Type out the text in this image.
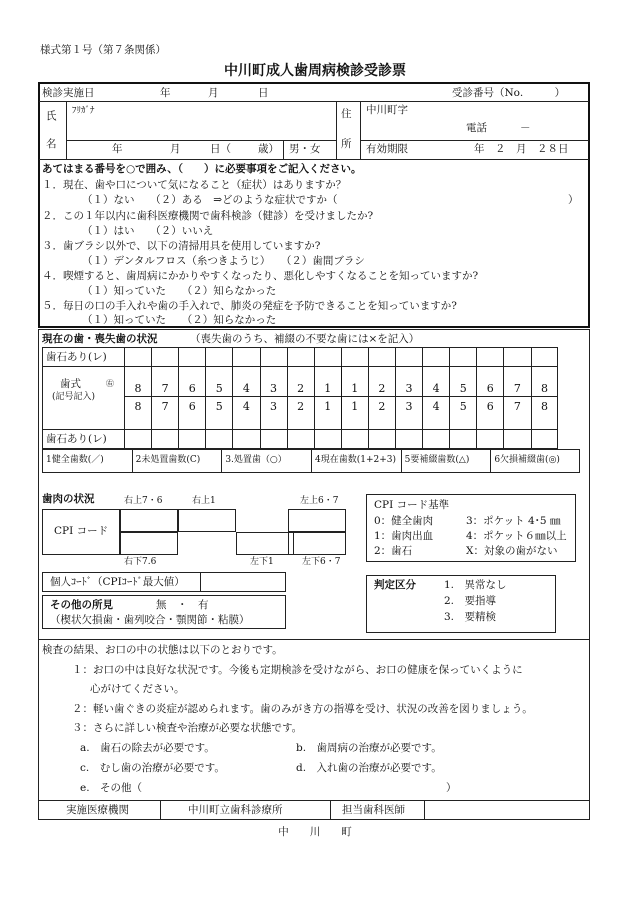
様式第１号（第７条関係）
中川町成人歯周病検診受診票
検診実施日	年	月	日	受診番号（No.　　　）
氏
名
ﾌﾘｶﾞﾅ
年	月	日（	歳） 男・女
住
所
中川町字
電話	－
有効期限	年　２　月　２８日
あてはまる番号を○で囲み、（　　）に必要事項をご記入ください。
１．現在、歯や口について気になること（症状）はありますか？
（１）ない　　（２）ある　⇒どのような症状ですか（	）
２．この１年以内に歯科医療機関で歯科検診（健診）を受けましたか?
（１）はい　　（２）いいえ
３．歯ブラシ以外で、以下の清掃用具を使用していますか?
（１）デンタルフロス（糸つきようじ）　　（２）歯間ブラシ
４．喫煙すると、歯周病にかかりやすくなったり、悪化しやすくなることを知っていますか?
（１）知っていた　　（２）知らなかった
５．毎日の口の手入れや歯の手入れで、肺炎の発症を予防できることを知っていますか?
（１）知っていた　　（２）知らなかった
現在の歯・喪失歯の状況	（喪失歯のうち、補綴の不要な歯には×を記入）
歯石あり(レ)
歯式	㊨
(記号記入)
歯石あり(レ)
8	7	6	5	4	3	2	1	1	2	3	4	5	6	7	8
8	7	6	5	4	3	2	1	1	2	3	4	5	6	7	8
1健全歯数(／)	2未処置歯数(C)	3.処置歯（○）	4現在歯数(1+2+3) 5要補綴歯数(△)	6欠損補綴歯(◎)
歯肉の状況	右上7・6	右上1	左上6・7
CPI コード
右下7.6	左下1	左下6・7
CPI コード基準
0：健全歯肉	3：ポケット 4･5 ㎜
1：歯肉出血	4：ポケット６㎜以上
2：歯石	X：対象の歯がない
個人ｺｰﾄﾞ（CPIｺｰﾄﾞ最大値）
その他の所見	無　・　有
（楔状欠損歯・歯列咬合・顎関節・粘膜）
判定区分	1.　異常なし
2.　要指導
3.　要精検
検査の結果、お口の中の状態は以下のとおりです。
１：お口の中は良好な状況です。今後も定期検診を受けながら、お口の健康を保っていくように
心がけてください。
２：軽い歯ぐきの炎症が認められます。歯のみがき方の指導を受け、状況の改善を図りましょう。
３：さらに詳しい検査や治療が必要な状態です。
a.　歯石の除去が必要です。	b.　歯周病の治療が必要です。
c.　むし歯の治療が必要です。	d.　入れ歯の治療が必要です。
e.　その他（	）
実施医療機関	中川町立歯科診療所	担当歯科医師
中　　川　　町
